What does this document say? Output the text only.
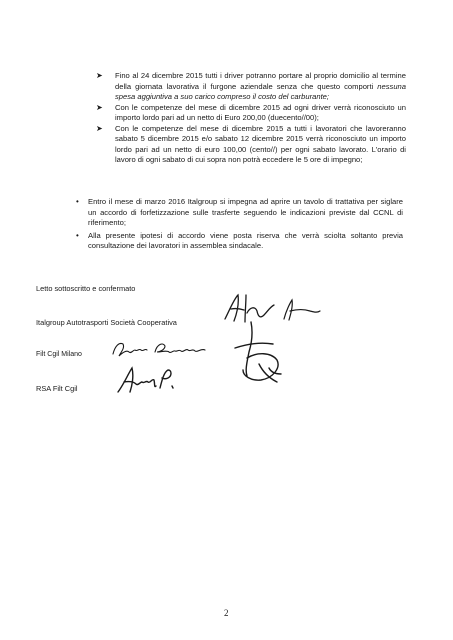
➤ Fino al 24 dicembre 2015 tutti i driver potranno portare al proprio domicilio al termine della giornata lavorativa il furgone aziendale senza che questo comporti nessuna spesa aggiuntiva a suo carico compreso il costo del carburante;
➤ Con le competenze del mese di dicembre 2015 ad ogni driver verrà riconosciuto un importo lordo pari ad un netto di Euro 200,00 (duecento//00);
➤ Con le competenze del mese di dicembre 2015 a tutti i lavoratori che lavoreranno sabato 5 dicembre 2015 e/o sabato 12 dicembre 2015 verrà riconosciuto un importo lordo pari ad un netto di euro 100,00 (cento//) per ogni sabato lavorato. L'orario di lavoro di ogni sabato di cui sopra non potrà eccedere le 5 ore di impegno;
• Entro il mese di marzo 2016 Italgroup si impegna ad aprire un tavolo di trattativa per siglare un accordo di forfetizzazione sulle trasferte seguendo le indicazioni previste dal CCNL di riferimento;
• Alla presente ipotesi di accordo viene posta riserva che verrà sciolta soltanto previa consultazione dei lavoratori in assemblea sindacale.
Letto sottoscritto e confermato
Italgroup Autotrasporti Società Cooperativa
Filt Cgil Milano
RSA Filt Cgil
2
